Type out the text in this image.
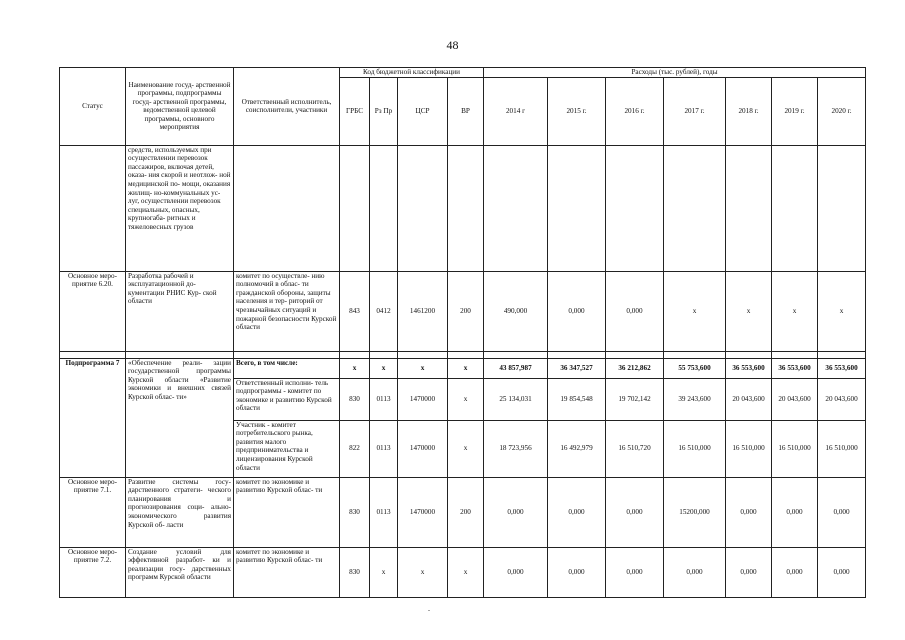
48
Статус	Наименование госуд- арственной программы, подпрограммы госуд- арственной программы, ведомственной целевой программы, основного мероприятия	Ответственный исполнитель, соисполнители, участники	Код бюджетной классификации				Расходы (тыс. рублей), годы						
			ГРБС	Рз Пр	ЦСР	ВР	2014 г	2015 г.	2016 г.	2017 г.	2018 г.	2019 г.	2020 г.
	средств, используемых при осуществлении перевозок пассажиров, включая детей, оказа- ния скорой и неотлож- ной медицинской по- мощи, оказания жилищ- но-коммунальных ус- луг, осуществлении перевозок специальных, опасных, крупногаба- ритных и тяжеловесных грузов												
Основное меро- приятие 6.20.	Разработка рабочей и эксплуатационной до- кументации РНИС Кур- ской области	комитет по осуществле- нию полномочий в облас- ти гражданской обороны, защиты населения и тер- риторий от чрезвычайных ситуаций и пожарной безопасности Курской области	843	0412	1461200	200	490,000	0,000	0,000	x	x	x	x

Подпрограмма 7	«Обеспечение реали- зации государственной программы Курской области «Развитие экономики и внешних связей Курской облас- ти»	Всего, в том числе:	x	x	x	x	43 857,987	36 347,527	36 212,862	55 753,600	36 553,600	36 553,600	36 553,600
		Ответственный исполни- тель подпрограммы - комитет по экономике и развитию Курской области	830	0113	1470000	x	25 134,031	19 854,548	19 702,142	39 243,600	20 043,600	20 043,600	20 043,600
		Участник - комитет потребительского рынка, развития малого предпринимательства и лицензирования Курской области	822	0113	1470000	x	18 723,956	16 492,979	16 510,720	16 510,000	16 510,000	16 510,000	16 510,000
Основное меро- приятие 7.1.	Развитие системы госу- дарственного стратеги- ческого планирования и прогнозирования соци- ально-экономического развития Курской об- ласти	комитет по экономике и развитию Курской облас- ти	830	0113	1470000	200	0,000	0,000	0,000	15200,000	0,000	0,000	0,000
Основное меро- приятие 7.2.	Создание условий для эффективной разработ- ки и реализации госу- дарственных программ Курской области	комитет по экономике и развитию Курской облас- ти	830	x	x	x	0,000	0,000	0,000	0,000	0,000	0,000	0,000
.
